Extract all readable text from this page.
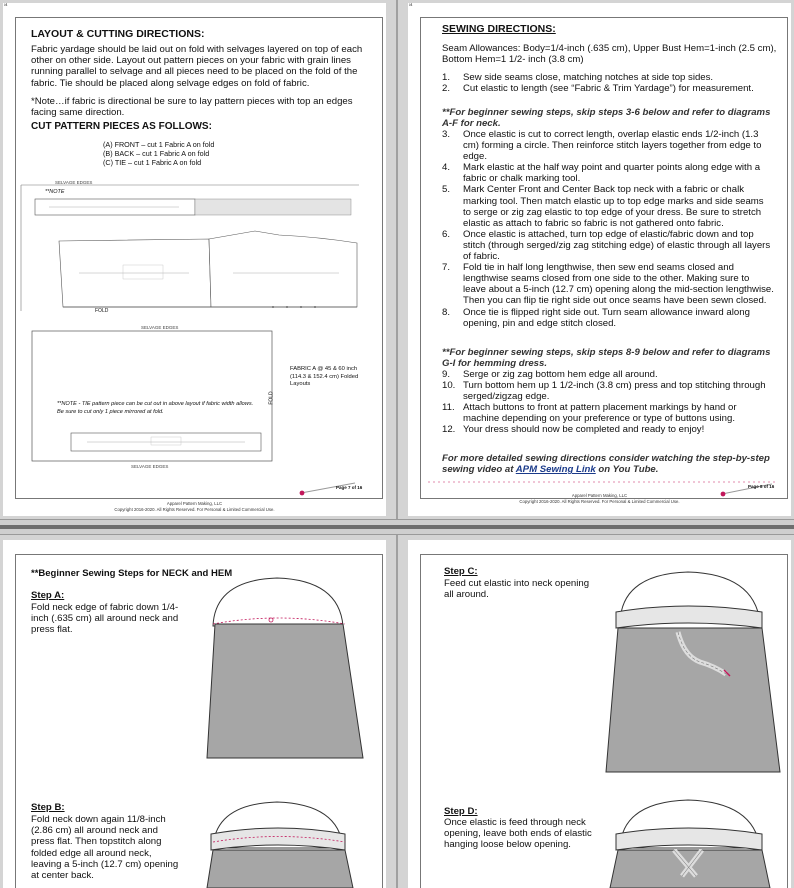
a
LAYOUT & CUTTING DIRECTIONS:
Fabric yardage should be laid out on fold with selvages layered on top of each other on other side. Layout out pattern pieces on your fabric with grain lines running parallel to selvage and all pieces need to be placed on the fold of the fabric. Tie should be placed along selvage edges on fold of fabric.
*Note…if fabric is directional be sure to lay pattern pieces with top an edges facing same direction.
CUT PATTERN PIECES AS FOLLOWS:
(A) FRONT – cut 1 Fabric A on fold
(B) BACK – cut 1 Fabric A on fold
(C) TIE – cut 1 Fabric A on fold
SELVAGE EDGES
**NOTE
FOLD
SELVAGE EDGES
SELVAGE EDGES
**NOTE - TIE pattern piece can be cut out in above layout if fabric width allows. Be sure to cut only 1 piece mirrored at fold.
FOLD
FABRIC A @ 45 & 60 inch (114.3 & 152.4 cm) Folded Layouts
Page 7 of 16
Apparel Pattern Making, LLC
Copyright 2016-2020. All Rights Reserved. For Personal & Limited Commercial Use.
a
SEWING DIRECTIONS:
Seam Allowances: Body=1/4-inch (.635 cm), Upper Bust Hem=1-inch (2.5 cm), Bottom Hem=1 1/2- inch (3.8 cm)
1.	Sew side seams close, matching notches at side top sides.
2.	Cut elastic to length (see “Fabric & Trim Yardage”) for measurement.
**For beginner sewing steps, skip steps 3-6 below and refer to diagrams A-F for neck.
3.	Once elastic is cut to correct length, overlap elastic ends 1/2-inch (1.3 cm) forming a circle. Then reinforce stitch layers together from edge to edge.
4.	Mark elastic at the half way point and quarter points along edge with a fabric or chalk marking tool.
5.	Mark Center Front and Center Back top neck with a fabric or chalk marking tool. Then match elastic up to top edge marks and side seams to serge or zig zag elastic to top edge of your dress. Be sure to stretch elastic as attach to fabric so fabric is not gathered onto fabric.
6.	Once elastic is attached, turn top edge of elastic/fabric down and top stitch (through serged/zig zag stitching edge) of elastic through all layers of fabric.
7.	Fold tie in half long lengthwise, then sew end seams closed and lengthwise seams closed from one side to the other. Making sure to leave about a 5-inch (12.7 cm) opening along the mid-section lengthwise. Then you can flip tie right side out once seams have been sewn closed.
8.	Once tie is flipped right side out. Turn seam allowance inward along opening, pin and edge stitch closed.
**For beginner sewing steps, skip steps 8-9 below and refer to diagrams G-I for hemming dress.
9.	Serge or zig zag bottom hem edge all around.
10. Turn bottom hem up 1 1/2-inch (3.8 cm) press and top stitching through serged/zigzag edge.
11. Attach buttons to front at pattern placement markings by hand or machine depending on your preference or type of buttons using.
12. Your dress should now be completed and ready to enjoy!
For more detailed sewing directions consider watching the step-by-step sewing video at APM Sewing Link on You Tube.
Page 8 of 16
Apparel Pattern Making, LLC
Copyright 2016-2020. All Rights Reserved. For Personal & Limited Commercial Use.
**Beginner Sewing Steps for NECK and HEM
Step A:
Fold neck edge of fabric down 1/4-inch (.635 cm) all around neck and press flat.
Step B:
Fold neck down again 11/8-inch (2.86 cm) all around neck and press flat. Then topstitch along folded edge all around neck, leaving a 5-inch (12.7 cm) opening at center back.
Step C:
Feed cut elastic into neck opening all around.
Step D:
Once elastic is feed through neck opening, leave both ends of elastic hanging loose below opening.
